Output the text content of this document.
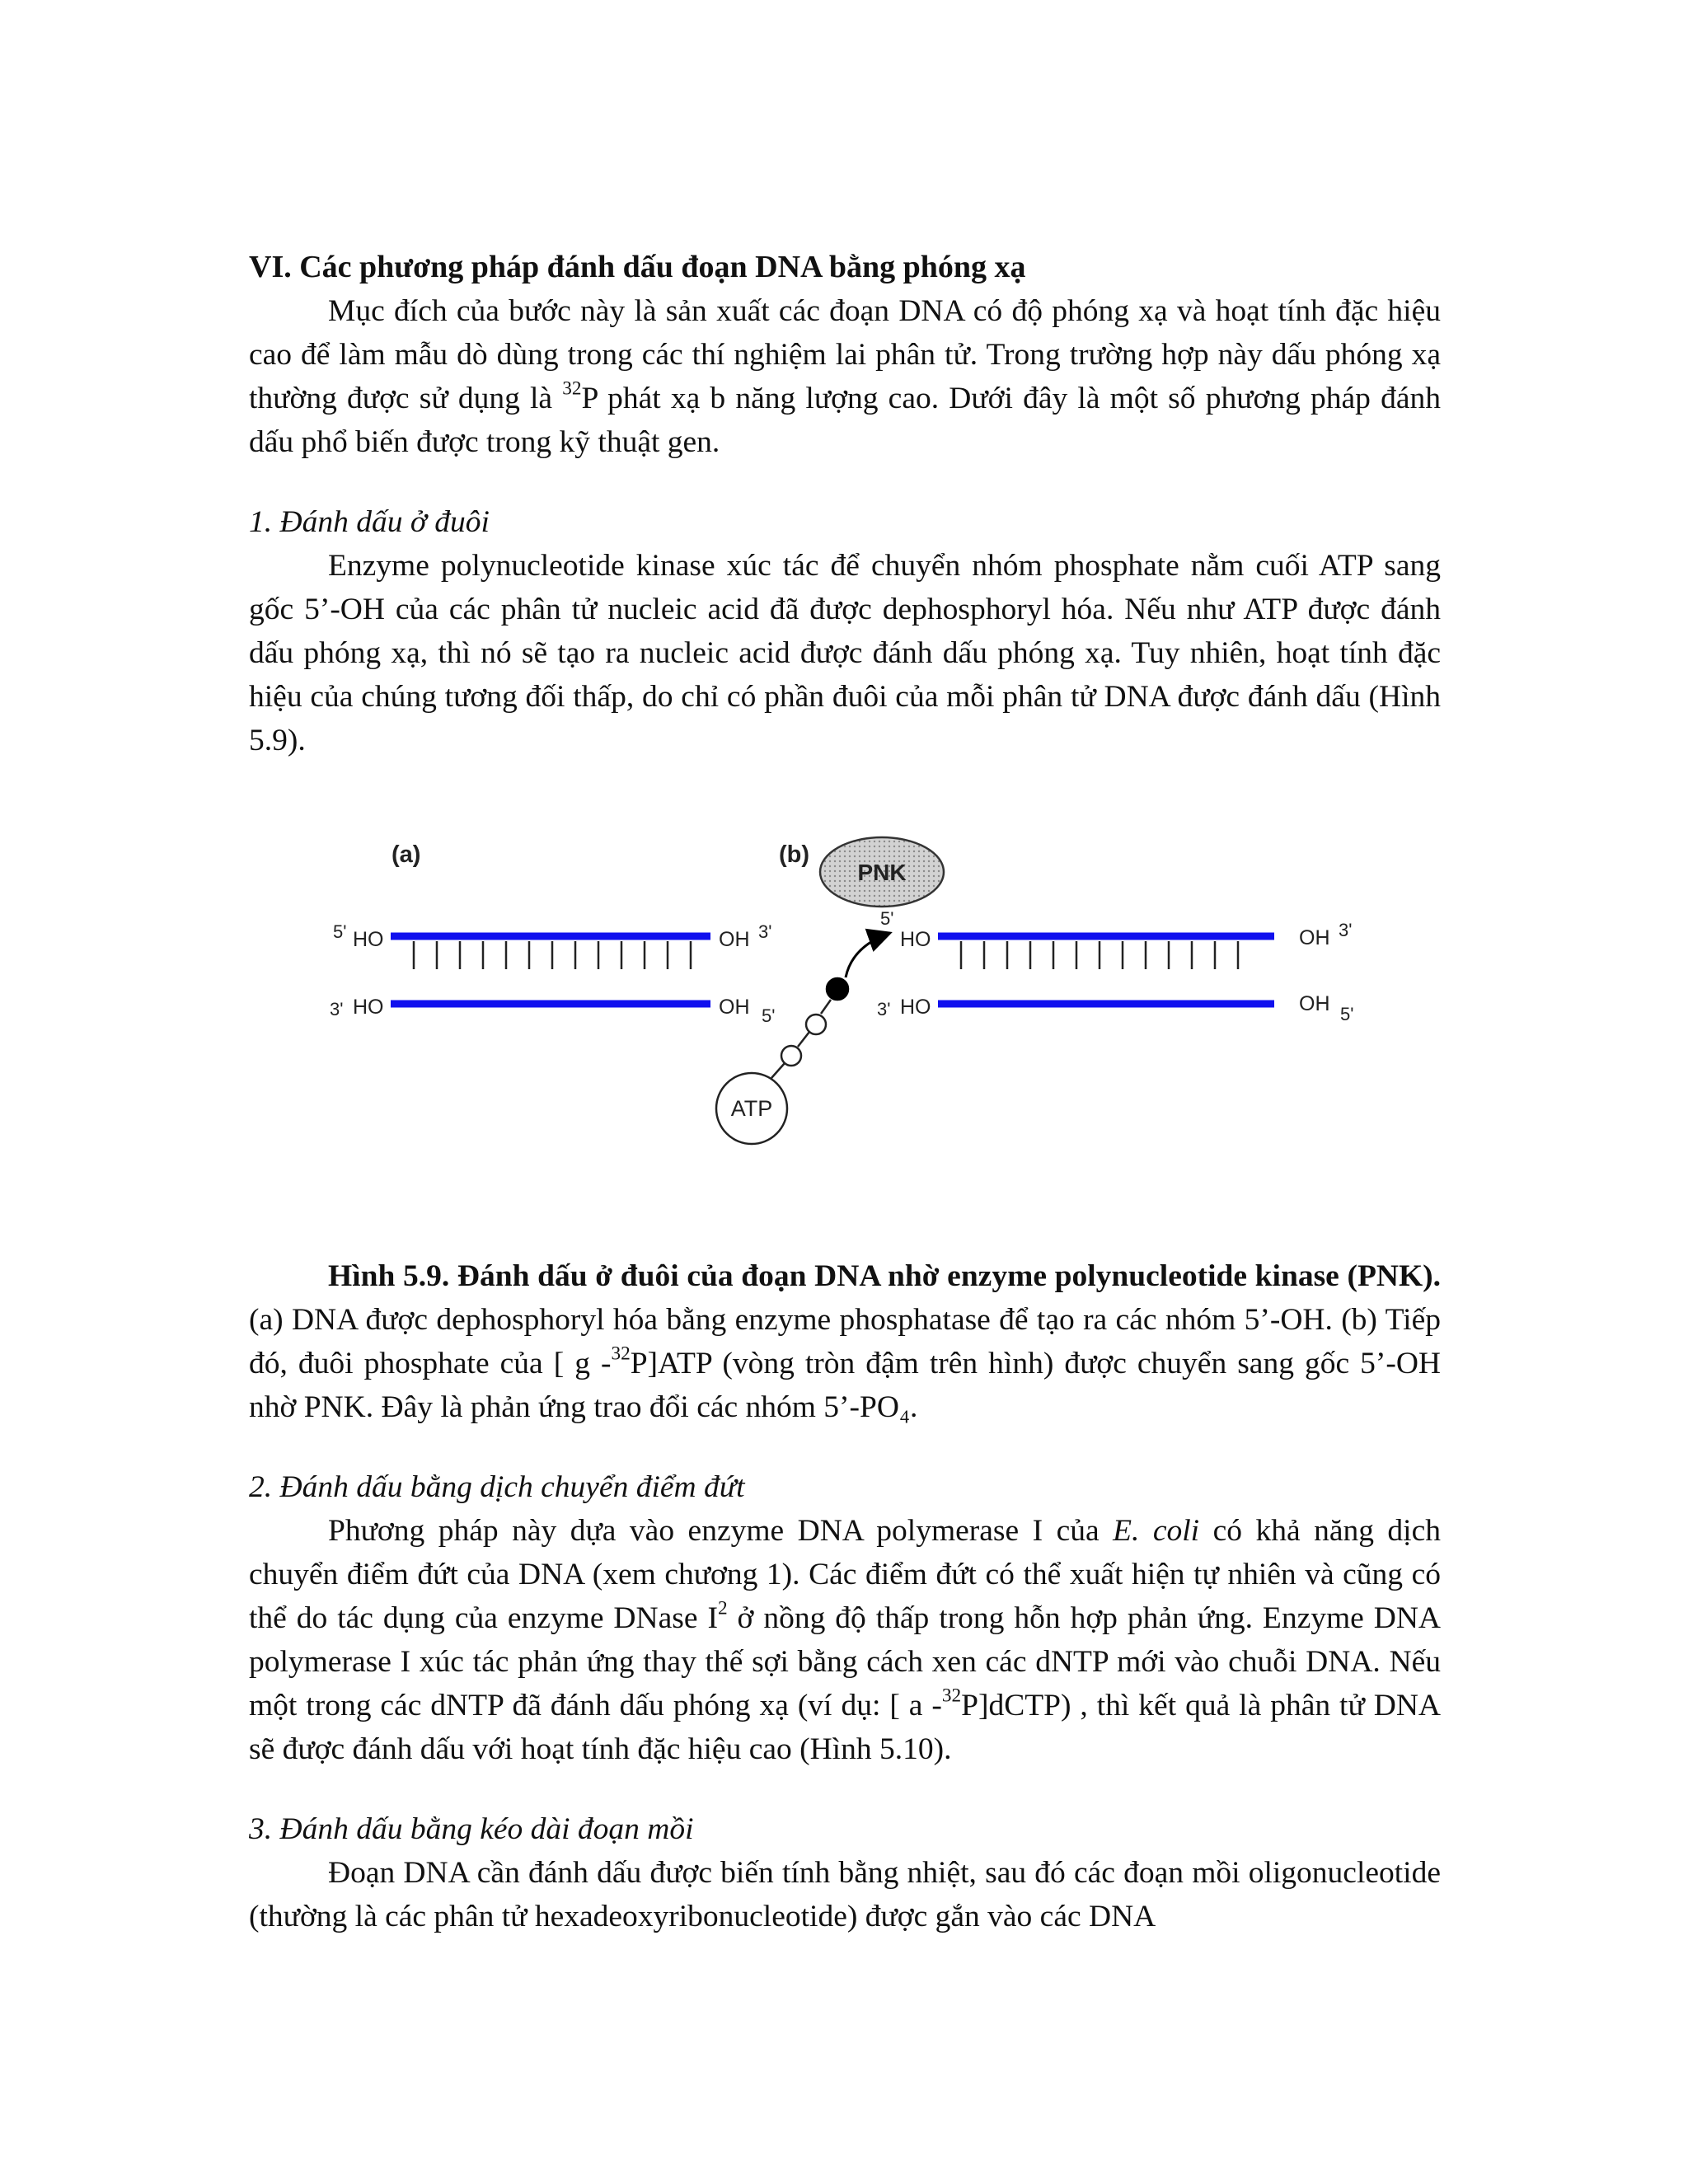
VI. Các phương pháp đánh dấu đoạn DNA bằng phóng xạ

Mục đích của bước này là sản xuất các đoạn DNA có độ phóng xạ và hoạt tính đặc hiệu cao để làm mẫu dò dùng trong các thí nghiệm lai phân tử. Trong trường hợp này dấu phóng xạ thường được sử dụng là $^{32}$P phát xạ b năng lượng cao. Dưới đây là một số phương pháp đánh dấu phổ biến được trong kỹ thuật gen.

1. Đánh dấu ở đuôi

Enzyme polynucleotide kinase xúc tác để chuyển nhóm phosphate nằm cuối ATP sang gốc 5’-OH của các phân tử nucleic acid đã được dephosphoryl hóa. Nếu như ATP được đánh dấu phóng xạ, thì nó sẽ tạo ra nucleic acid được đánh dấu phóng xạ. Tuy nhiên, hoạt tính đặc hiệu của chúng tương đối thấp, do chỉ có phần đuôi của mỗi phân tử DNA được đánh dấu (Hình 5.9).

(a)	(b)
PNK
5' HO	OH 3'
3' HO	OH 5'
ATP
5'
HO	OH 3'
3' HO	OH 5'

Hình 5.9. Đánh dấu ở đuôi của đoạn DNA nhờ enzyme polynucleotide kinase (PNK). (a) DNA được dephosphoryl hóa bằng enzyme phosphatase để tạo ra các nhóm 5’-OH. (b) Tiếp đó, đuôi phosphate của [ g -$^{32}$P]ATP (vòng tròn đậm trên hình) được chuyển sang gốc 5’-OH nhờ PNK. Đây là phản ứng trao đổi các nhóm 5’-PO₄.

2. Đánh dấu bằng dịch chuyển điểm đứt

Phương pháp này dựa vào enzyme DNA polymerase I của E. coli có khả năng dịch chuyển điểm đứt của DNA (xem chương 1). Các điểm đứt có thể xuất hiện tự nhiên và cũng có thể do tác dụng của enzyme DNase $I^2$ ở nồng độ thấp trong hỗn hợp phản ứng. Enzyme DNA polymerase I xúc tác phản ứng thay thế sợi bằng cách xen các dNTP mới vào chuỗi DNA. Nếu một trong các dNTP đã đánh dấu phóng xạ (ví dụ: [ a -$^{32}$P]dCTP) , thì kết quả là phân tử DNA sẽ được đánh dấu với hoạt tính đặc hiệu cao (Hình 5.10).

3. Đánh dấu bằng kéo dài đoạn mồi

Đoạn DNA cần đánh dấu được biến tính bằng nhiệt, sau đó các đoạn mồi oligonucleotide (thường là các phân tử hexadeoxyribonucleotide) được gắn vào các DNA
